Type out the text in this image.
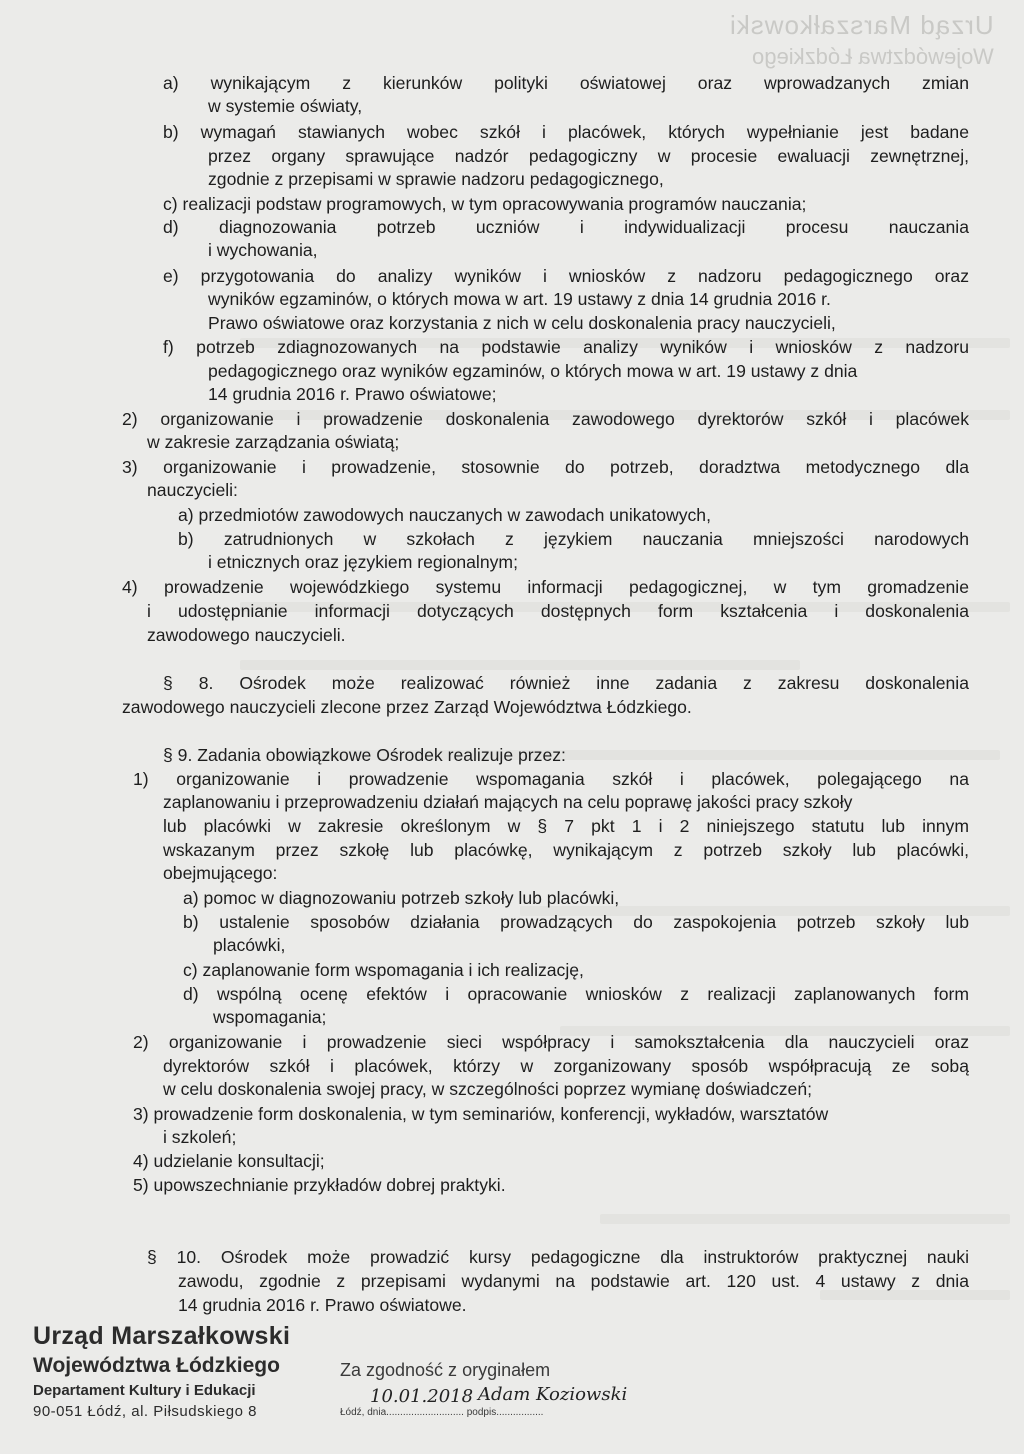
Urząd Marszałkowski
Województwa Łódzkiego
a) wynikającym z kierunków polityki oświatowej oraz wprowadzanych zmian
w systemie oświaty,
b) wymagań stawianych wobec szkół i placówek, których wypełnianie jest badane
przez organy sprawujące nadzór pedagogiczny w procesie ewaluacji zewnętrznej,
zgodnie z przepisami w sprawie nadzoru pedagogicznego,
c) realizacji podstaw programowych, w tym opracowywania programów nauczania;
d) diagnozowania potrzeb uczniów i indywidualizacji procesu nauczania
i wychowania,
e) przygotowania do analizy wyników i wniosków z nadzoru pedagogicznego oraz
wyników egzaminów, o których mowa w art. 19 ustawy z dnia 14 grudnia 2016 r.
Prawo oświatowe oraz korzystania z nich w celu doskonalenia pracy nauczycieli,
f) potrzeb zdiagnozowanych na podstawie analizy wyników i wniosków z nadzoru
pedagogicznego oraz wyników egzaminów, o których mowa w art. 19 ustawy z dnia
14 grudnia 2016 r. Prawo oświatowe;
2) organizowanie i prowadzenie doskonalenia zawodowego dyrektorów szkół i placówek
w zakresie zarządzania oświatą;
3) organizowanie i prowadzenie, stosownie do potrzeb, doradztwa metodycznego dla
nauczycieli:
a) przedmiotów zawodowych nauczanych w zawodach unikatowych,
b) zatrudnionych w szkołach z językiem nauczania mniejszości narodowych
i etnicznych oraz językiem regionalnym;
4) prowadzenie wojewódzkiego systemu informacji pedagogicznej, w tym gromadzenie
i udostępnianie informacji dotyczących dostępnych form kształcenia i doskonalenia
zawodowego nauczycieli.
§ 8. Ośrodek może realizować również inne zadania z zakresu doskonalenia
zawodowego nauczycieli zlecone przez Zarząd Województwa Łódzkiego.
§ 9. Zadania obowiązkowe Ośrodek realizuje przez:
1) organizowanie i prowadzenie wspomagania szkół i placówek, polegającego na
zaplanowaniu i przeprowadzeniu działań mających na celu poprawę jakości pracy szkoły
lub placówki w zakresie określonym w § 7 pkt 1 i 2 niniejszego statutu lub innym
wskazanym przez szkołę lub placówkę, wynikającym z potrzeb szkoły lub placówki,
obejmującego:
a) pomoc w diagnozowaniu potrzeb szkoły lub placówki,
b) ustalenie sposobów działania prowadzących do zaspokojenia potrzeb szkoły lub
placówki,
c) zaplanowanie form wspomagania i ich realizację,
d) wspólną ocenę efektów i opracowanie wniosków z realizacji zaplanowanych form
wspomagania;
2) organizowanie i prowadzenie sieci współpracy i samokształcenia dla nauczycieli oraz
dyrektorów szkół i placówek, którzy w zorganizowany sposób współpracują ze sobą
w celu doskonalenia swojej pracy, w szczególności poprzez wymianę doświadczeń;
3) prowadzenie form doskonalenia, w tym seminariów, konferencji, wykładów, warsztatów
i szkoleń;
4) udzielanie konsultacji;
5) upowszechnianie przykładów dobrej praktyki.
§ 10. Ośrodek może prowadzić kursy pedagogiczne dla instruktorów praktycznej nauki
zawodu, zgodnie z przepisami wydanymi na podstawie art. 120 ust. 4 ustawy z dnia
14 grudnia 2016 r. Prawo oświatowe.
Urząd Marszałkowski
Województwa Łódzkiego
Departament Kultury i Edukacji
90-051 Łódź, al. Piłsudskiego 8
Za zgodność z oryginałem
Łódź, dnia............................ podpis.................
10.01.2018 Adam Koziowski
